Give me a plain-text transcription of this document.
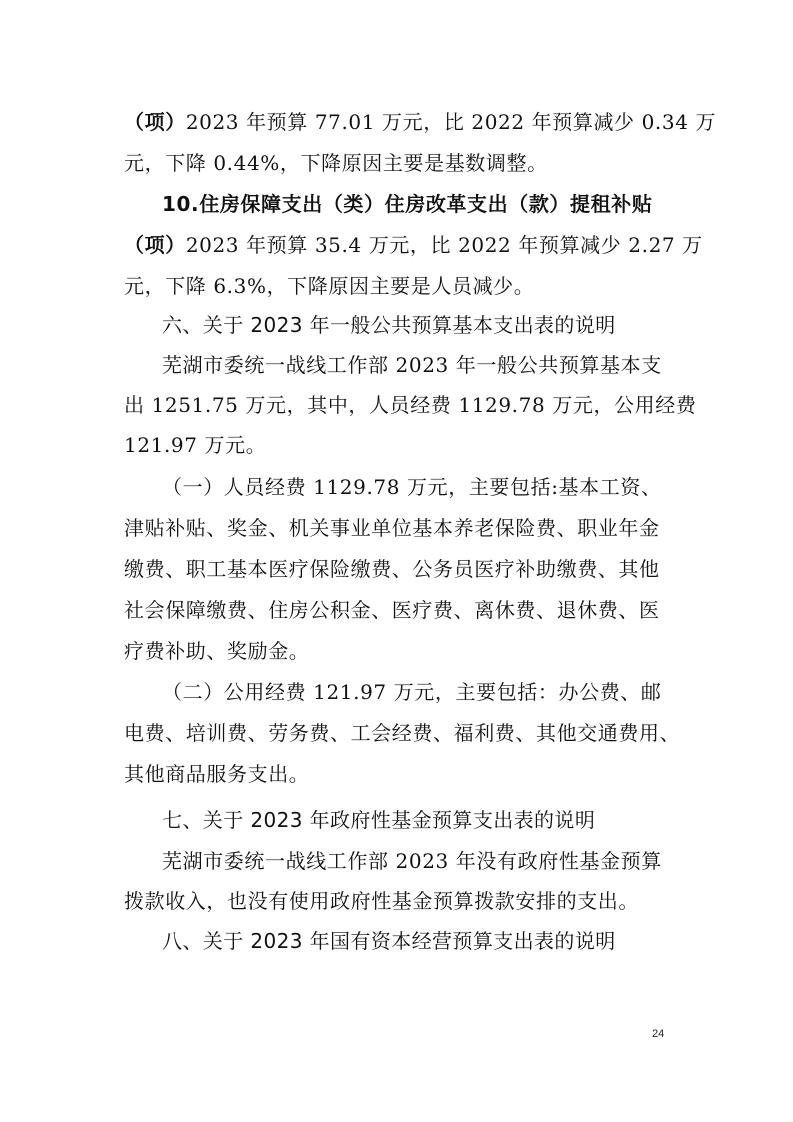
（项）2023 年预算 77.01 万元，比 2022 年预算减少 0.34 万
元，下降 0.44%，下降原因主要是基数调整。
10.住房保障支出（类）住房改革支出（款）提租补贴
（项）2023 年预算 35.4 万元，比 2022 年预算减少 2.27 万
元，下降 6.3%，下降原因主要是人员减少。
六、关于 2023 年一般公共预算基本支出表的说明
芜湖市委统一战线工作部 2023 年一般公共预算基本支
出 1251.75 万元，其中，人员经费 1129.78 万元，公用经费
121.97 万元。
（一）人员经费 1129.78 万元，主要包括:基本工资、
津贴补贴、奖金、机关事业单位基本养老保险费、职业年金
缴费、职工基本医疗保险缴费、公务员医疗补助缴费、其他
社会保障缴费、住房公积金、医疗费、离休费、退休费、医
疗费补助、奖励金。
（二）公用经费 121.97 万元，主要包括：办公费、邮
电费、培训费、劳务费、工会经费、福利费、其他交通费用、
其他商品服务支出。
七、关于 2023 年政府性基金预算支出表的说明
芜湖市委统一战线工作部 2023 年没有政府性基金预算
拨款收入，也没有使用政府性基金预算拨款安排的支出。
八、关于 2023 年国有资本经营预算支出表的说明
24
